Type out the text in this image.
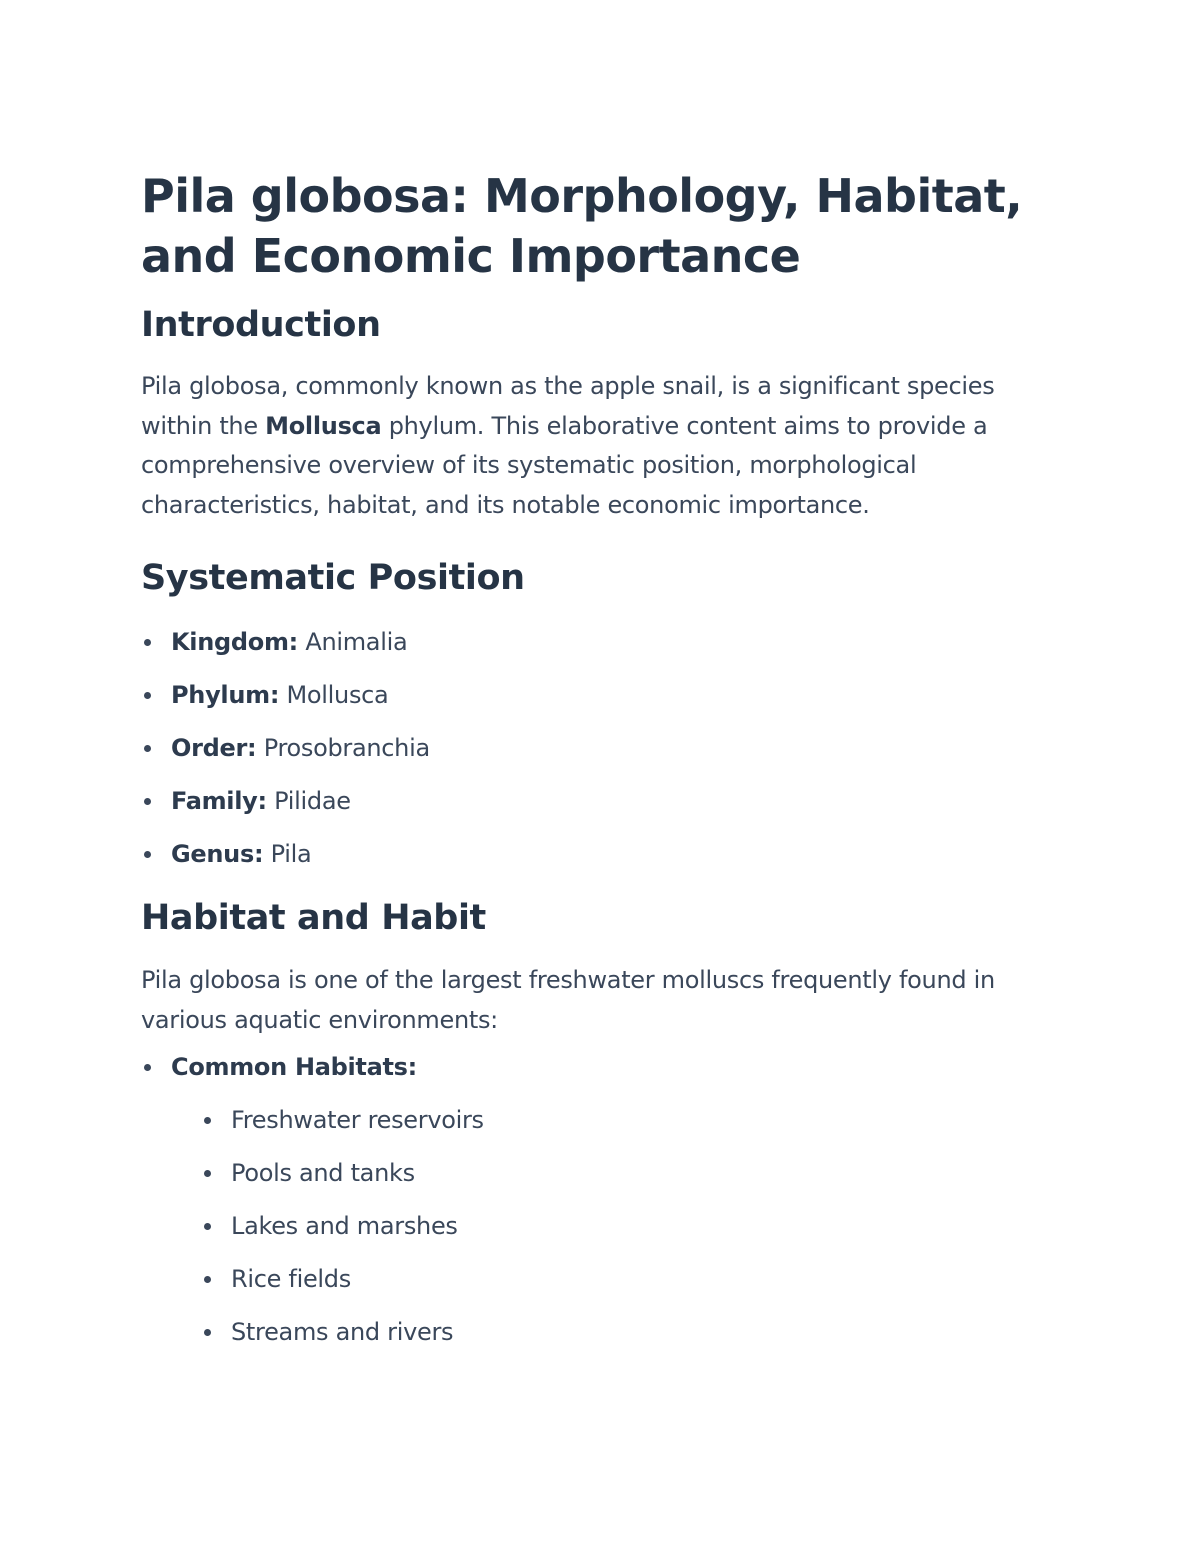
Pila globosa: Morphology, Habitat, and Economic Importance
Introduction

Pila globosa, commonly known as the apple snail, is a significant species within the Mollusca phylum. This elaborative content aims to provide a comprehensive overview of its systematic position, morphological characteristics, habitat, and its notable economic importance.

Systematic Position
Kingdom: Animalia
Phylum: Mollusca
Order: Prosobranchia
Family: Pilidae
Genus: Pila
Habitat and Habit

Pila globosa is one of the largest freshwater molluscs frequently found in various aquatic environments:

Common Habitats:
Freshwater reservoirs
Pools and tanks
Lakes and marshes
Rice fields
Streams and rivers
